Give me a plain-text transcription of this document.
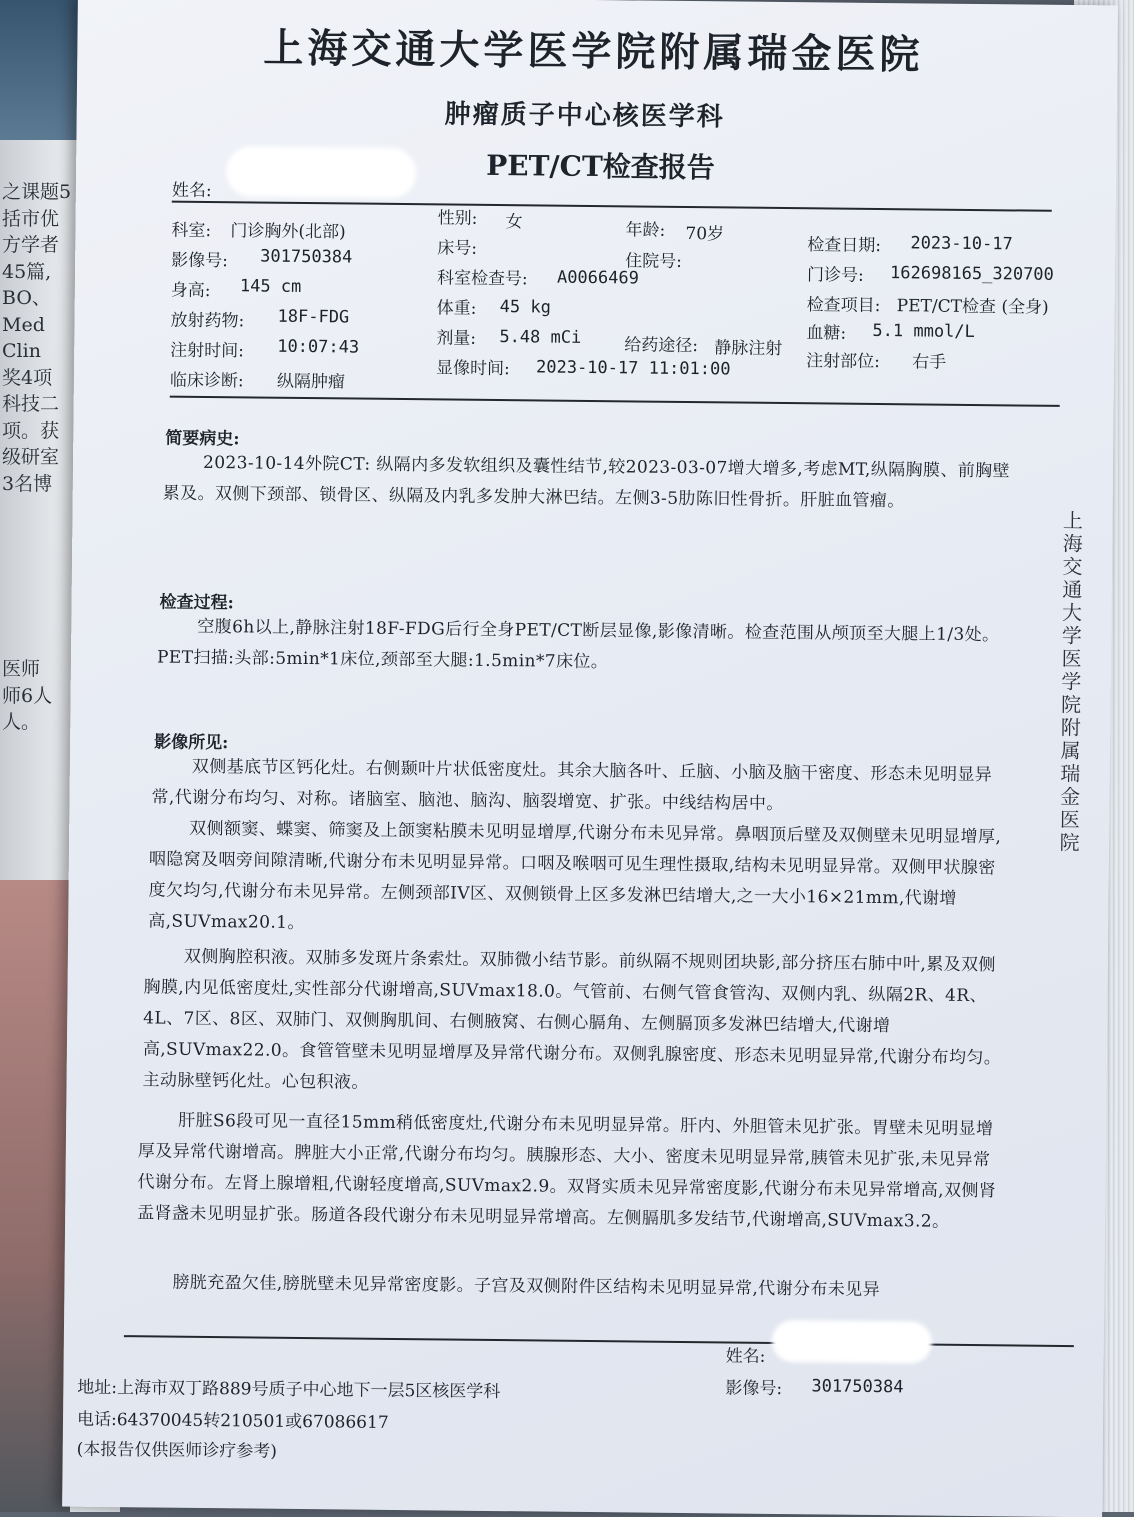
之课题5
括市优
方学者
45篇,
BO、
Med
Clin
奖4项
科技二
项。获
级研室
3名博
医师
师6人
人。
上海交通大学医学院附属瑞金医院
肿瘤质子中心核医学科
PET/CT检查报告
姓名:
科室: 门诊胸外(北部)
影像号: 301750384
身高: 145 cm
放射药物: 18F-FDG
注射时间: 10:07:43
临床诊断: 纵隔肿瘤
性别: 女
床号:
科室检查号: A0066469
体重: 45 kg
剂量: 5.48 mCi
显像时间: 2023-10-17 11:01:00
年龄: 70岁
住院号:
给药途径: 静脉注射
检查日期: 2023-10-17
门诊号: 162698165_320700
检查项目: PET/CT检查 (全身)
血糖: 5.1 mmol/L
注射部位: 右手
简要病史:
2023-10-14外院CT: 纵隔内多发软组织及囊性结节,较2023-03-07增大增多,考虑MT,纵隔胸膜、前胸壁累及。双侧下颈部、锁骨区、纵隔及内乳多发肿大淋巴结。左侧3-5肋陈旧性骨折。肝脏血管瘤。
检查过程:
空腹6h以上,静脉注射18F-FDG后行全身PET/CT断层显像,影像清晰。检查范围从颅顶至大腿上1/3处。PET扫描:头部:5min*1床位,颈部至大腿:1.5min*7床位。
影像所见:
双侧基底节区钙化灶。右侧颞叶片状低密度灶。其余大脑各叶、丘脑、小脑及脑干密度、形态未见明显异常,代谢分布均匀、对称。诸脑室、脑池、脑沟、脑裂增宽、扩张。中线结构居中。
双侧额窦、蝶窦、筛窦及上颌窦粘膜未见明显增厚,代谢分布未见异常。鼻咽顶后壁及双侧壁未见明显增厚,咽隐窝及咽旁间隙清晰,代谢分布未见明显异常。口咽及喉咽可见生理性摄取,结构未见明显异常。双侧甲状腺密度欠均匀,代谢分布未见异常。左侧颈部IV区、双侧锁骨上区多发淋巴结增大,之一大小16×21mm,代谢增高,SUVmax20.1。
双侧胸腔积液。双肺多发斑片条索灶。双肺微小结节影。前纵隔不规则团块影,部分挤压右肺中叶,累及双侧胸膜,内见低密度灶,实性部分代谢增高,SUVmax18.0。气管前、右侧气管食管沟、双侧内乳、纵隔2R、4R、4L、7区、8区、双肺门、双侧胸肌间、右侧腋窝、右侧心膈角、左侧膈顶多发淋巴结增大,代谢增高,SUVmax22.0。食管管壁未见明显增厚及异常代谢分布。双侧乳腺密度、形态未见明显异常,代谢分布均匀。主动脉壁钙化灶。心包积液。
肝脏S6段可见一直径15mm稍低密度灶,代谢分布未见明显异常。肝内、外胆管未见扩张。胃壁未见明显增厚及异常代谢增高。脾脏大小正常,代谢分布均匀。胰腺形态、大小、密度未见明显异常,胰管未见扩张,未见异常代谢分布。左肾上腺增粗,代谢轻度增高,SUVmax2.9。双肾实质未见异常密度影,代谢分布未见异常增高,双侧肾盂肾盏未见明显扩张。肠道各段代谢分布未见明显异常增高。左侧膈肌多发结节,代谢增高,SUVmax3.2。
膀胱充盈欠佳,膀胱壁未见异常密度影。子宫及双侧附件区结构未见明显异常,代谢分布未见异
上海交通大学医学院附属瑞金医院
姓名:
影像号: 301750384
地址:上海市双丁路889号质子中心地下一层5区核医学科
电话:64370045转210501或67086617
(本报告仅供医师诊疗参考)
